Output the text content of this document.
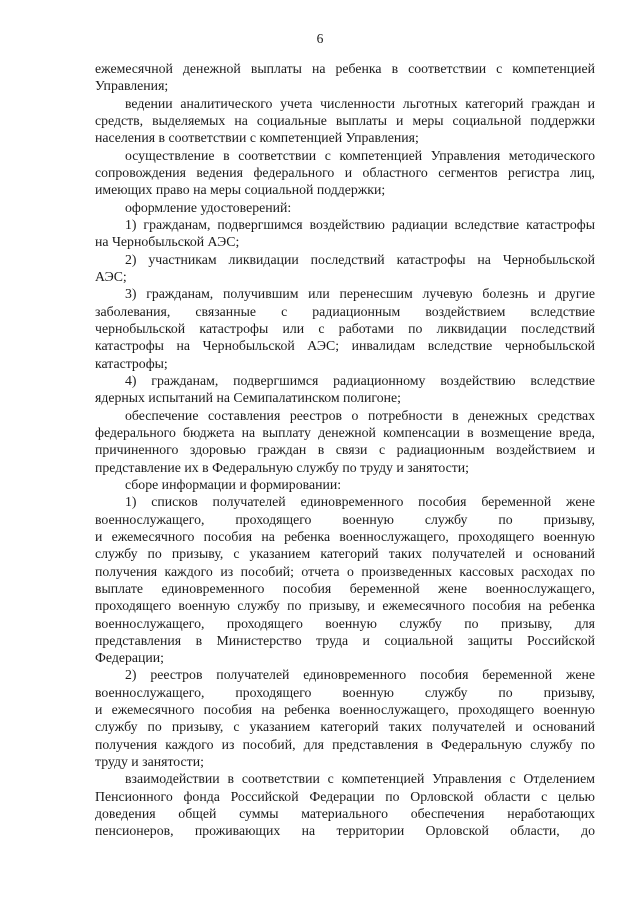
6
ежемесячной денежной выплаты на ребенка в соответствии с компетенцией
Управления;
ведении аналитического учета численности льготных категорий граждан и
средств, выделяемых на социальные выплаты и меры социальной поддержки
населения в соответствии с компетенцией Управления;
осуществление в соответствии с компетенцией Управления методического
сопровождения ведения федерального и областного сегментов регистра лиц,
имеющих право на меры социальной поддержки;
оформление удостоверений:
1) гражданам, подвергшимся воздействию радиации вследствие катастрофы
на Чернобыльской АЭС;
2) участникам ликвидации последствий катастрофы на Чернобыльской
АЭС;
3) гражданам, получившим или перенесшим лучевую болезнь и другие
заболевания, связанные с радиационным воздействием вследствие
чернобыльской катастрофы или с работами по ликвидации последствий
катастрофы на Чернобыльской АЭС; инвалидам вследствие чернобыльской
катастрофы;
4) гражданам, подвергшимся радиационному воздействию вследствие
ядерных испытаний на Семипалатинском полигоне;
обеспечение составления реестров о потребности в денежных средствах
федерального бюджета на выплату денежной компенсации в возмещение вреда,
причиненного здоровью граждан в связи с радиационным воздействием и
представление их в Федеральную службу по труду и занятости;
сборе информации и формировании:
1) списков получателей единовременного пособия беременной жене
военнослужащего, проходящего военную службу по призыву,
и ежемесячного пособия на ребенка военнослужащего, проходящего военную
службу по призыву, с указанием категорий таких получателей и оснований
получения каждого из пособий; отчета о произведенных кассовых расходах по
выплате единовременного пособия беременной жене военнослужащего,
проходящего военную службу по призыву, и ежемесячного пособия на ребенка
военнослужащего, проходящего военную службу по призыву, для
представления в Министерство труда и социальной защиты Российской
Федерации;
2) реестров получателей единовременного пособия беременной жене
военнослужащего, проходящего военную службу по призыву,
и ежемесячного пособия на ребенка военнослужащего, проходящего военную
службу по призыву, с указанием категорий таких получателей и оснований
получения каждого из пособий, для представления в Федеральную службу по
труду и занятости;
взаимодействии в соответствии с компетенцией Управления с Отделением
Пенсионного фонда Российской Федерации по Орловской области с целью
доведения общей суммы материального обеспечения неработающих
пенсионеров, проживающих на территории Орловской области, до
